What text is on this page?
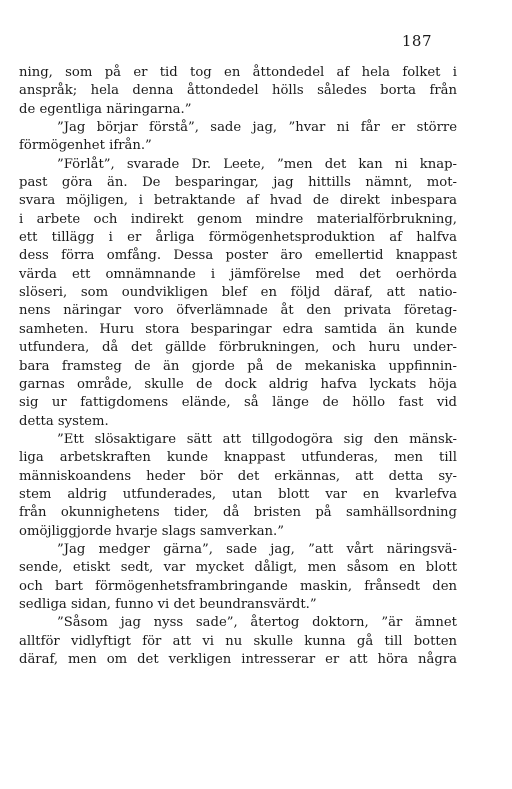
187
ning, som på er tid tog en åttondedel af hela folket i
anspråk; hela denna åttondedel hölls således borta från
de egentliga näringarna.”
”Jag börjar förstå”, sade jag, ”hvar ni får er större
förmögenhet ifrån.”
”Förlåt”, svarade Dr. Leete, ”men det kan ni knap-
past göra än. De besparingar, jag hittills nämnt, mot-
svara möjligen, i betraktande af hvad de direkt inbespara
i arbete och indirekt genom mindre materialförbrukning,
ett tillägg i er årliga förmögenhetsproduktion af halfva
dess förra omfång. Dessa poster äro emellertid knappast
värda ett omnämnande i jämförelse med det oerhörda
slöseri, som oundvikligen blef en följd däraf, att natio-
nens näringar voro öfverlämnade åt den privata företag-
samheten. Huru stora besparingar edra samtida än kunde
utfundera, då det gällde förbrukningen, och huru under-
bara framsteg de än gjorde på de mekaniska uppfinnin-
garnas område, skulle de dock aldrig hafva lyckats höja
sig ur fattigdomens elände, så länge de höllo fast vid
detta system.
”Ett slösaktigare sätt att tillgodogöra sig den mänsk-
liga arbetskraften kunde knappast utfunderas, men till
människoandens heder bör det erkännas, att detta sy-
stem aldrig utfunderades, utan blott var en kvarlefva
från okunnighetens tider, då bristen på samhällsordning
omöjliggjorde hvarje slags samverkan.”
”Jag medger gärna”, sade jag, ”att vårt näringsvä-
sende, etiskt sedt, var mycket dåligt, men såsom en blott
och bart förmögenhetsframbringande maskin, frånsedt den
sedliga sidan, funno vi det beundransvärdt.”
”Såsom jag nyss sade”, återtog doktorn, ”är ämnet
alltför vidlyftigt för att vi nu skulle kunna gå till botten
däraf, men om det verkligen intresserar er att höra några
